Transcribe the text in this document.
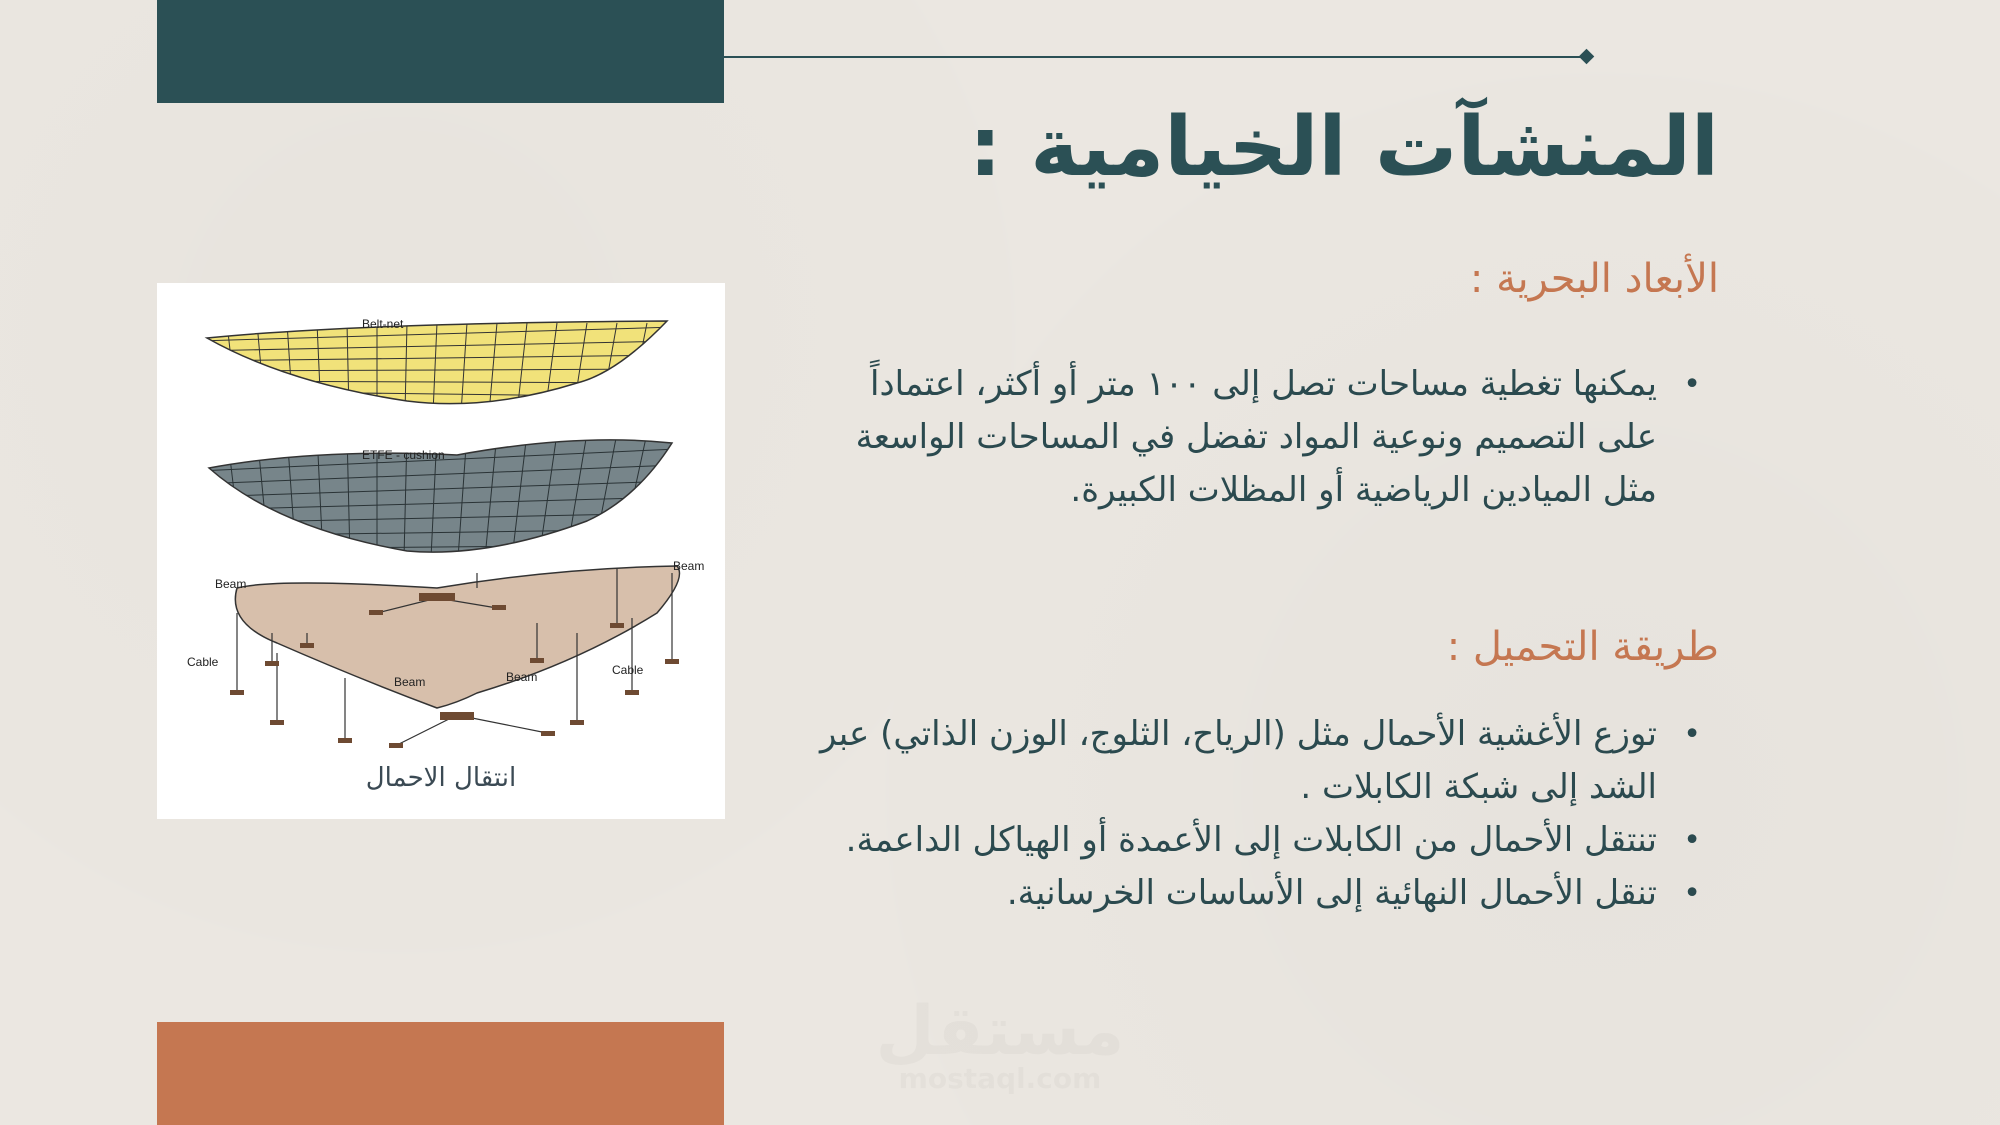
المنشآت الخيامية :
الأبعاد البحرية :
•
يمكنها تغطية مساحات تصل إلى ١٠٠ متر أو أكثر، اعتماداً على التصميم ونوعية المواد تفضل في المساحات الواسعة مثل الميادين الرياضية أو المظلات الكبيرة.
طريقة التحميل :
•
توزع الأغشية الأحمال مثل (الرياح، الثلوج، الوزن الذاتي) عبر الشد إلى شبكة الكابلات .
•
تنتقل الأحمال من الكابلات إلى الأعمدة أو الهياكل الداعمة.
•
تنقل الأحمال النهائية إلى الأساسات الخرسانية.
Belt-net
ETFE - cushion
Beam
Beam
Beam	Beam
Cable
Cable
انتقال الاحمال
مستقل
mostaql.com
